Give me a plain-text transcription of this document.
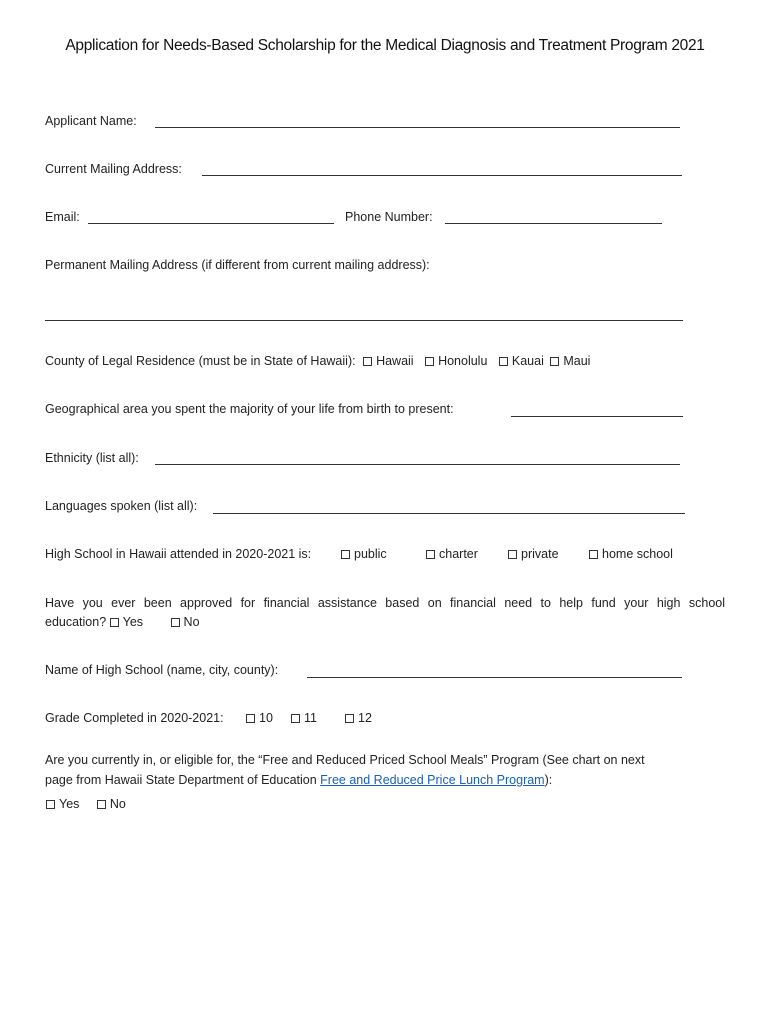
Application for Needs-Based Scholarship for the Medical Diagnosis and Treatment Program 2021
Applicant Name:
Current Mailing Address:
Email:	Phone Number:
Permanent Mailing Address (if different from current mailing address):
County of Legal Residence (must be in State of Hawaii): Hawaii Honolulu Kauai Maui
Geographical area you spent the majority of your life from birth to present:
Ethnicity (list all):
Languages spoken (list all):
High School in Hawaii attended in 2020-2021 is:	public	charter	private	home school
Have you ever been approved for financial assistance based on financial need to help fund your high school
education? Yes	No
Name of High School (name, city, county):
Grade Completed in 2020-2021:	10	11	12
Are you currently in, or eligible for, the “Free and Reduced Priced School Meals” Program (See chart on next
page from Hawaii State Department of Education Free and Reduced Price Lunch Program):
Yes No
